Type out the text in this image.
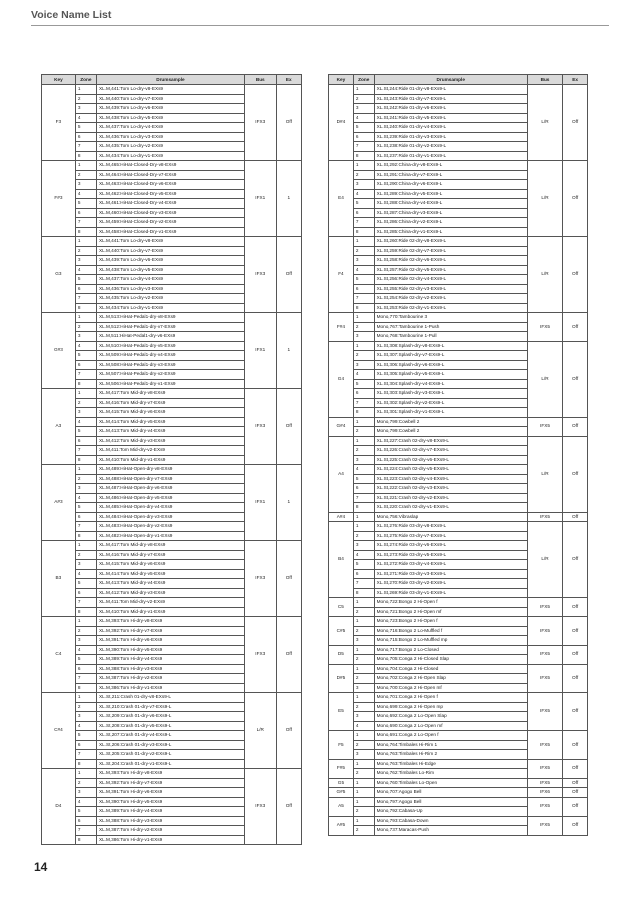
Voice Name List
Key	Zone	Drumsample	Bus	Ex
F3	1	XL.M,441:Tom Lo-dry-v8-EXs9	IFX3	Off
	2	XL.M,440:Tom Lo-dry-v7-EXs9		
	3	XL.M,439:Tom Lo-dry-v6-EXs9		
	4	XL.M,438:Tom Lo-dry-v5-EXs9		
	5	XL.M,437:Tom Lo-dry-v4-EXs9		
	6	XL.M,436:Tom Lo-dry-v3-EXs9		
	7	XL.M,435:Tom Lo-dry-v2-EXs9		
	8	XL.M,434:Tom Lo-dry-v1-EXs9		
F#3	1	XL.M,465:HiHat-Closed-Dry-v8-EXs9	IFX1	1
	2	XL.M,464:HiHat-Closed-Dry-v7-EXs9		
	3	XL.M,463:HiHat-Closed-Dry-v6-EXs9		
	4	XL.M,462:HiHat-Closed-Dry-v5-EXs9		
	5	XL.M,461:HiHat-Closed-Dry-v4-EXs9		
	6	XL.M,460:HiHat-Closed-Dry-v3-EXs9		
	7	XL.M,459:HiHat-Closed-Dry-v2-EXs9		
	8	XL.M,458:HiHat-Closed-Dry-v1-EXs9		
G3	1	XL.M,441:Tom Lo-dry-v8-EXs9	IFX3	Off
	2	XL.M,440:Tom Lo-dry-v7-EXs9		
	3	XL.M,439:Tom Lo-dry-v6-EXs9		
	4	XL.M,438:Tom Lo-dry-v5-EXs9		
	5	XL.M,437:Tom Lo-dry-v4-EXs9		
	6	XL.M,436:Tom Lo-dry-v3-EXs9		
	7	XL.M,435:Tom Lo-dry-v2-EXs9		
	8	XL.M,434:Tom Lo-dry-v1-EXs9		
G#3	1	XL.M,513:HiHat-Pedal1-dry-v8-EXs9	IFX1	1
	2	XL.M,512:HiHat-Pedal1-dry-v7-EXs9		
	3	XL.M,511:HiHat-Pedal1-dry-v6-EXs9		
	4	XL.M,510:HiHat-Pedal1-dry-v5-EXs9		
	5	XL.M,509:HiHat-Pedal1-dry-v4-EXs9		
	6	XL.M,508:HiHat-Pedal1-dry-v3-EXs9		
	7	XL.M,507:HiHat-Pedal1-dry-v2-EXs9		
	8	XL.M,506:HiHat-Pedal1-dry-v1-EXs9		
A3	1	XL.M,417:Tom Mid-dry-v8-EXs9	IFX3	Off
	2	XL.M,416:Tom Mid-dry-v7-EXs9		
	3	XL.M,415:Tom Mid-dry-v6-EXs9		
	4	XL.M,414:Tom Mid-dry-v5-EXs9		
	5	XL.M,413:Tom Mid-dry-v4-EXs9		
	6	XL.M,412:Tom Mid-dry-v3-EXs9		
	7	XL.M,411:Tom Mid-dry-v2-EXs9		
	8	XL.M,410:Tom Mid-dry-v1-EXs9		
A#3	1	XL.M,489:HiHat-Open-dry-v8-EXs9	IFX1	1
	2	XL.M,488:HiHat-Open-dry-v7-EXs9		
	3	XL.M,487:HiHat-Open-dry-v6-EXs9		
	4	XL.M,486:HiHat-Open-dry-v5-EXs9		
	5	XL.M,485:HiHat-Open-dry-v4-EXs9		
	6	XL.M,484:HiHat-Open-dry-v3-EXs9		
	7	XL.M,483:HiHat-Open-dry-v2-EXs9		
	8	XL.M,482:HiHat-Open-dry-v1-EXs9		
B3	1	XL.M,417:Tom Mid-dry-v8-EXs9	IFX3	Off
	2	XL.M,416:Tom Mid-dry-v7-EXs9		
	3	XL.M,415:Tom Mid-dry-v6-EXs9		
	4	XL.M,414:Tom Mid-dry-v5-EXs9		
	5	XL.M,413:Tom Mid-dry-v4-EXs9		
	6	XL.M,412:Tom Mid-dry-v3-EXs9		
	7	XL.M,411:Tom Mid-dry-v2-EXs9		
	8	XL.M,410:Tom Mid-dry-v1-EXs9		
C4	1	XL.M,393:Tom Hi-dry-v8-EXs9	IFX3	Off
	2	XL.M,392:Tom Hi-dry-v7-EXs9		
	3	XL.M,391:Tom Hi-dry-v6-EXs9		
	4	XL.M,390:Tom Hi-dry-v5-EXs9		
	5	XL.M,389:Tom Hi-dry-v4-EXs9		
	6	XL.M,388:Tom Hi-dry-v3-EXs9		
	7	XL.M,387:Tom Hi-dry-v2-EXs9		
	8	XL.M,386:Tom Hi-dry-v1-EXs9		
C#4	1	XL.St,211:Crash 01-dry-v8-EXs9-L	L/R	Off
	2	XL.St,210:Crash 01-dry-v7-EXs9-L		
	3	XL.St,209:Crash 01-dry-v6-EXs9-L		
	4	XL.St,208:Crash 01-dry-v5-EXs9-L		
	5	XL.St,207:Crash 01-dry-v4-EXs9-L		
	6	XL.St,206:Crash 01-dry-v3-EXs9-L		
	7	XL.St,205:Crash 01-dry-v2-EXs9-L		
	8	XL.St,204:Crash 01-dry-v1-EXs9-L		
D4	1	XL.M,393:Tom Hi-dry-v8-EXs9	IFX3	Off
	2	XL.M,392:Tom Hi-dry-v7-EXs9		
	3	XL.M,391:Tom Hi-dry-v6-EXs9		
	4	XL.M,390:Tom Hi-dry-v5-EXs9		
	5	XL.M,389:Tom Hi-dry-v4-EXs9		
	6	XL.M,388:Tom Hi-dry-v3-EXs9		
	7	XL.M,387:Tom Hi-dry-v2-EXs9		
	8	XL.M,386:Tom Hi-dry-v1-EXs9		
Key	Zone	Drumsample	Bus	Ex
D#4	1	XL.St,244:Ride 01-dry-v8-EXs9-L	L/R	Off
	2	XL.St,243:Ride 01-dry-v7-EXs9-L		
	3	XL.St,242:Ride 01-dry-v6-EXs9-L		
	4	XL.St,241:Ride 01-dry-v5-EXs9-L		
	5	XL.St,240:Ride 01-dry-v4-EXs9-L		
	6	XL.St,239:Ride 01-dry-v3-EXs9-L		
	7	XL.St,238:Ride 01-dry-v2-EXs9-L		
	8	XL.St,237:Ride 01-dry-v1-EXs9-L		
E4	1	XL.St,292:China-dry-v8-EXs9-L	L/R	Off
	2	XL.St,291:China-dry-v7-EXs9-L		
	3	XL.St,290:China-dry-v6-EXs9-L		
	4	XL.St,289:China-dry-v5-EXs9-L		
	5	XL.St,288:China-dry-v4-EXs9-L		
	6	XL.St,287:China-dry-v3-EXs9-L		
	7	XL.St,286:China-dry-v2-EXs9-L		
	8	XL.St,285:China-dry-v1-EXs9-L		
F4	1	XL.St,260:Ride 02-dry-v8-EXs9-L	L/R	Off
	2	XL.St,259:Ride 02-dry-v7-EXs9-L		
	3	XL.St,258:Ride 02-dry-v6-EXs9-L		
	4	XL.St,257:Ride 02-dry-v5-EXs9-L		
	5	XL.St,256:Ride 02-dry-v4-EXs9-L		
	6	XL.St,255:Ride 02-dry-v3-EXs9-L		
	7	XL.St,254:Ride 02-dry-v2-EXs9-L		
	8	XL.St,253:Ride 02-dry-v1-EXs9-L		
F#4	1	Mono,770:Tambourine 3	IFX5	Off
	2	Mono,767:Tambourine 1-Push		
	3	Mono,768:Tambourine 1-Pull		
G4	1	XL.St,308:Splash-dry-v8-EXs9-L	L/R	Off
	2	XL.St,307:Splash-dry-v7-EXs9-L		
	3	XL.St,306:Splash-dry-v6-EXs9-L		
	4	XL.St,305:Splash-dry-v5-EXs9-L		
	5	XL.St,304:Splash-dry-v4-EXs9-L		
	6	XL.St,303:Splash-dry-v3-EXs9-L		
	7	XL.St,302:Splash-dry-v2-EXs9-L		
	8	XL.St,301:Splash-dry-v1-EXs9-L		
G#4	1	Mono,799:Cowbell 2	IFX5	Off
	2	Mono,799:Cowbell 2		
A4	1	XL.St,227:Crash 02-dry-v8-EXs9-L	L/R	Off
	2	XL.St,226:Crash 02-dry-v7-EXs9-L		
	3	XL.St,225:Crash 02-dry-v6-EXs9-L		
	4	XL.St,224:Crash 02-dry-v5-EXs9-L		
	5	XL.St,223:Crash 02-dry-v4-EXs9-L		
	6	XL.St,222:Crash 02-dry-v3-EXs9-L		
	7	XL.St,221:Crash 02-dry-v2-EXs9-L		
	8	XL.St,220:Crash 02-dry-v1-EXs9-L		
A#4	1	Mono,756:Vibraslap	IFX5	Off
B4	1	XL.St,276:Ride 03-dry-v8-EXs9-L	L/R	Off
	2	XL.St,275:Ride 03-dry-v7-EXs9-L		
	3	XL.St,274:Ride 03-dry-v6-EXs9-L		
	4	XL.St,273:Ride 03-dry-v5-EXs9-L		
	5	XL.St,272:Ride 03-dry-v4-EXs9-L		
	6	XL.St,271:Ride 03-dry-v3-EXs9-L		
	7	XL.St,270:Ride 03-dry-v2-EXs9-L		
	8	XL.St,269:Ride 03-dry-v1-EXs9-L		
C5	1	Mono,722:Bongo 2 Hi-Open f	IFX5	Off
	2	Mono,721:Bongo 2 Hi-Open mf		
C#5	1	Mono,723:Bongo 2 Hi-Open f	IFX5	Off
	2	Mono,716:Bongo 2 Lo-Muffled f		
	3	Mono,715:Bongo 2 Lo-Muffled mp		
D5	1	Mono,717:Bongo 2 Lo-Closed	IFX5	Off
	2	Mono,705:Conga 2 Hi-Closed Slap		
D#5	1	Mono,704:Conga 2 Hi-Closed	IFX5	Off
	2	Mono,702:Conga 2 Hi-Open Slap		
	3	Mono,700:Conga 2 Hi-Open mf		
E5	1	Mono,701:Conga 2 Hi-Open f	IFX5	Off
	2	Mono,699:Conga 2 Hi-Open mp		
	3	Mono,692:Conga 2 Lo-Open Slap		
	4	Mono,690:Conga 2 Lo-Open mf		
F5	1	Mono,691:Conga 2 Lo-Open f	IFX5	Off
	2	Mono,764:Timbales Hi-Rim 1		
	3	Mono,763:Timbales Hi-Rim 2		
F#5	1	Mono,763:Timbales Hi-Edge	IFX5	Off
	2	Mono,762:Timbales Lo-Rim		
G5	1	Mono,760:Timbales Lo-Open	IFX5	Off
G#5	1	Mono,707:Agogo Bell	IFX6	Off
A5	1	Mono,797:Agogo Bell	IFX5	Off
	2	Mono,792:Cabasa-Up		
A#5	1	Mono,793:Cabasa-Down	IFX5	Off
	2	Mono,737:Maracas-Push		
14
